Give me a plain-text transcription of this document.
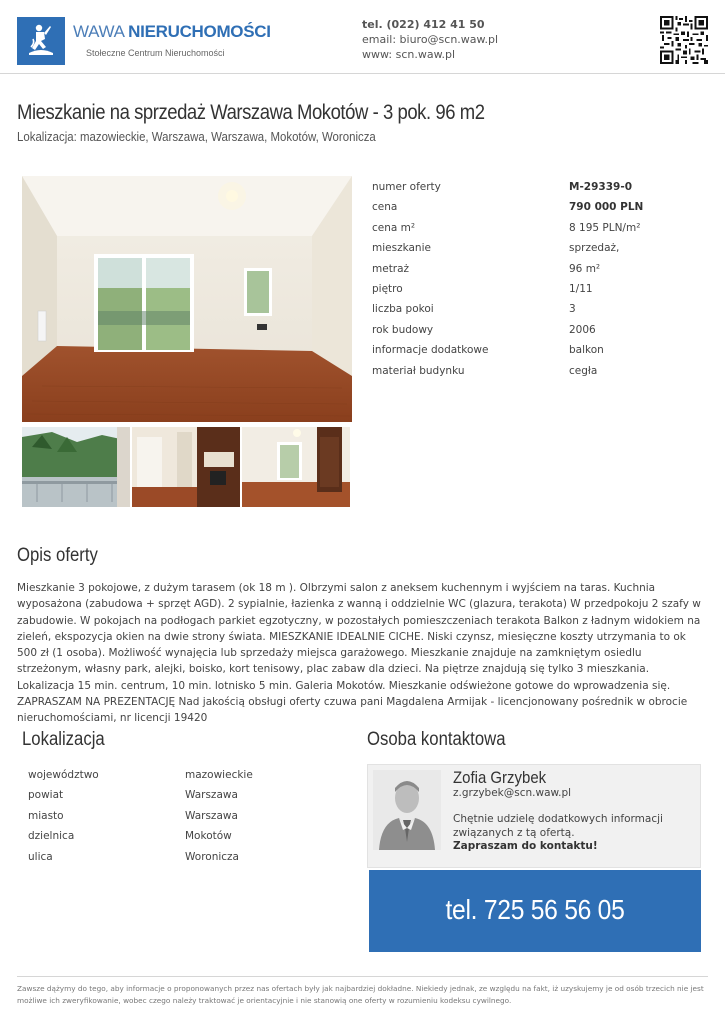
WAWA NIERUCHOMOŚCI
Stołeczne Centrum Nieruchomości
tel. (022) 412 41 50
email: biuro@scn.waw.pl
www: scn.waw.pl
Mieszkanie na sprzedaż Warszawa Mokotów - 3 pok. 96 m2
Lokalizacja: mazowieckie, Warszawa, Warszawa, Mokotów, Woronicza
numer oferty	M-29339-0
cena	790 000 PLN
cena m²	8 195 PLN/m²
mieszkanie	sprzedaż,
metraż	96 m²
piętro	1/11
liczba pokoi	3
rok budowy	2006
informacje dodatkowe	balkon
materiał budynku	cegła
Opis oferty
Mieszkanie 3 pokojowe, z dużym tarasem (ok 18 m ). Olbrzymi salon z aneksem kuchennym i wyjściem na taras. Kuchnia wyposażona (zabudowa + sprzęt AGD). 2 sypialnie, łazienka z wanną i oddzielnie WC (glazura, terakota) W przedpokoju 2 szafy w zabudowie. W pokojach na podłogach parkiet egzotyczny, w pozostałych pomieszczeniach terakota Balkon z ładnym widokiem na zieleń, ekspozycja okien na dwie strony świata. MIESZKANIE IDEALNIE CICHE. Niski czynsz, miesięczne koszty utrzymania to ok 500 zł (1 osoba). Możliwość wynajęcia lub sprzedaży miejsca garażowego. Mieszkanie znajduje na zamkniętym osiedlu strzeżonym, własny park, alejki, boisko, kort tenisowy, plac zabaw dla dzieci. Na piętrze znajdują się tylko 3 mieszkania. Lokalizacja 15 min. centrum, 10 min. lotnisko 5 min. Galeria Mokotów. Mieszkanie odświeżone gotowe do wprowadzenia się. ZAPRASZAM NA PREZENTACJĘ Nad jakością obsługi oferty czuwa pani Magdalena Armijak - licencjonowany pośrednik w obrocie nieruchomościami, nr licencji 19420
Lokalizacja
województwo	mazowieckie
powiat	Warszawa
miasto	Warszawa
dzielnica	Mokotów
ulica	Woronicza
Osoba kontaktowa
Zofia Grzybek
z.grzybek@scn.waw.pl
Chętnie udzielę dodatkowych informacji związanych z tą ofertą.
Zapraszam do kontaktu!
tel. 725 56 56 05
Zawsze dążymy do tego, aby informacje o proponowanych przez nas ofertach były jak najbardziej dokładne. Niekiedy jednak, ze względu na fakt, iż uzyskujemy je od osób trzecich nie jest możliwe ich zweryfikowanie, wobec czego należy traktować je orientacyjnie i nie stanowią one oferty w rozumieniu kodeksu cywilnego.
